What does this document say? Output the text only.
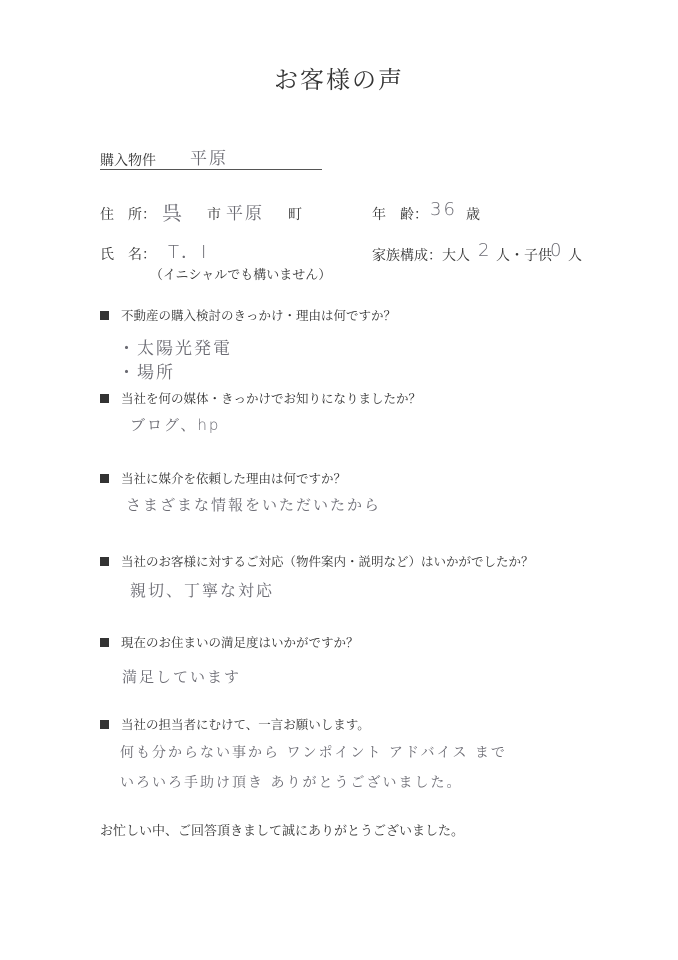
お客様の声
購入物件 平原
住　所： 呉 市 平原 町	年　齢： 36 歳
氏　名： T．I
（イニシャルでも構いません）
家族構成：大人 2 人・子供
0 人
不動産の購入検討のきっかけ・理由は何ですか？
・太陽光発電
・場所
当社を何の媒体・きっかけでお知りになりましたか？
ブログ、hp
当社に媒介を依頼した理由は何ですか？
さまざまな情報をいただいたから
当社のお客様に対するご対応（物件案内・説明など）はいかがでしたか？
親切、丁寧な対応
現在のお住まいの満足度はいかがですか？
満足しています
当社の担当者にむけて、一言お願いします。
何も分からない事から ワンポイント アドバイス まで
いろいろ手助け頂き ありがとうございました。
お忙しい中、ご回答頂きまして誠にありがとうございました。
